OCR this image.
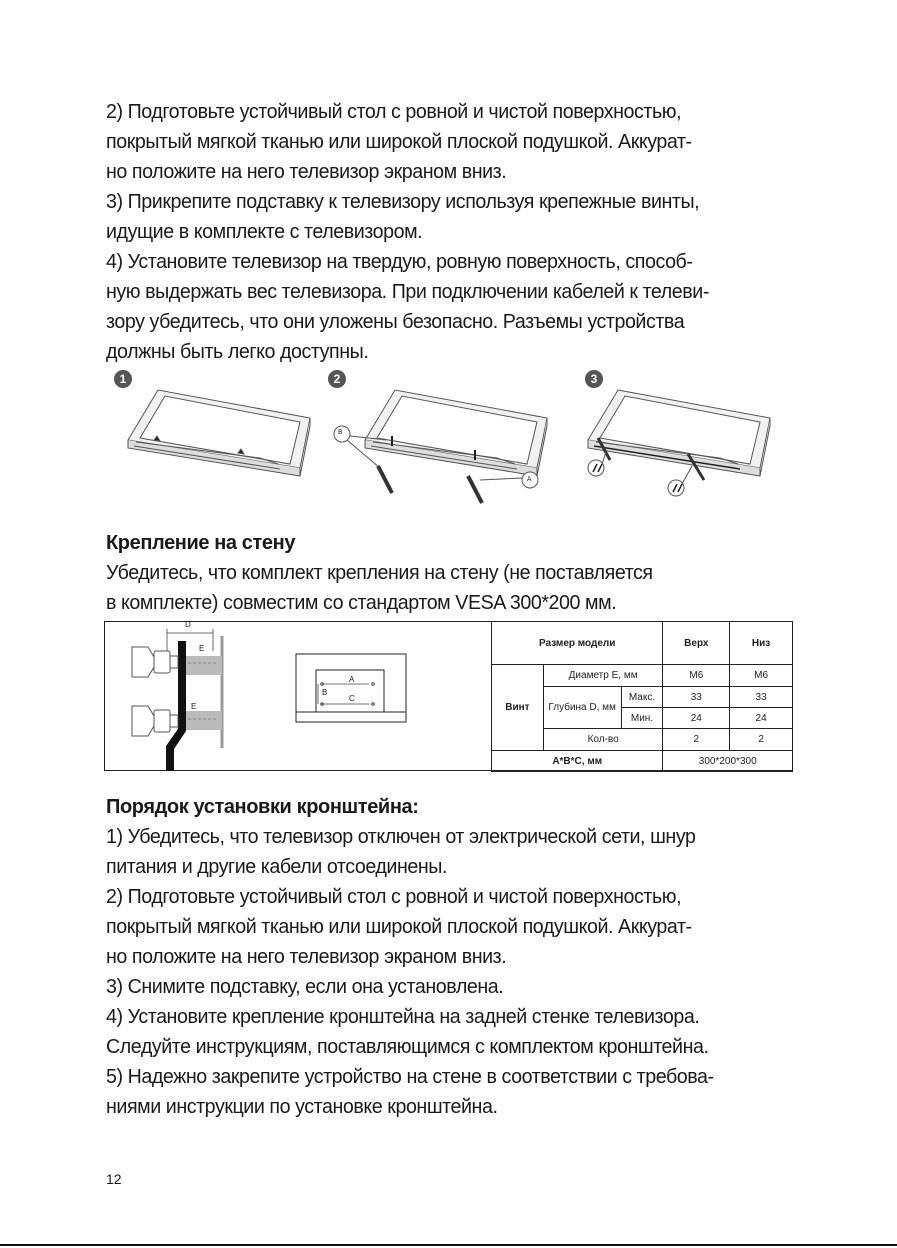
2) Подготовьте устойчивый стол с ровной и чистой поверхностью,
покрытый мягкой тканью или широкой плоской подушкой. Аккурат-
но положите на него телевизор экраном вниз.
3) Прикрепите подставку к телевизору используя крепежные винты,
идущие в комплекте с телевизором.
4) Установите телевизор на твердую, ровную поверхность, способ-
ную выдержать вес телевизора. При подключении кабелей к телеви-
зору убедитесь, что они уложены безопасно. Разъемы устройства
должны быть легко доступны.
1	2	3
B
A
Крепление на стену
Убедитесь, что комплект крепления на стену (не поставляется
в комплекте) совместим со стандартом VESA 300*200 мм.
D
E
E
A
B
C
Размер модели			Верх	Низ
Винт	Диаметр E, мм		M6	M6
	Глубина D, мм	Макс.	33	33
		Мин.	24	24
	Кол-во		2	2
A*B*C, мм			300*200*300	
Порядок установки кронштейна:
1) Убедитесь, что телевизор отключен от электрической сети, шнур
питания и другие кабели отсоединены.
2) Подготовьте устойчивый стол с ровной и чистой поверхностью,
покрытый мягкой тканью или широкой плоской подушкой. Аккурат-
но положите на него телевизор экраном вниз.
3) Снимите подставку, если она установлена.
4) Установите крепление кронштейна на задней стенке телевизора.
Следуйте инструкциям, поставляющимся с комплектом кронштейна.
5) Надежно закрепите устройство на стене в соответствии с требова-
ниями инструкции по установке кронштейна.
12
